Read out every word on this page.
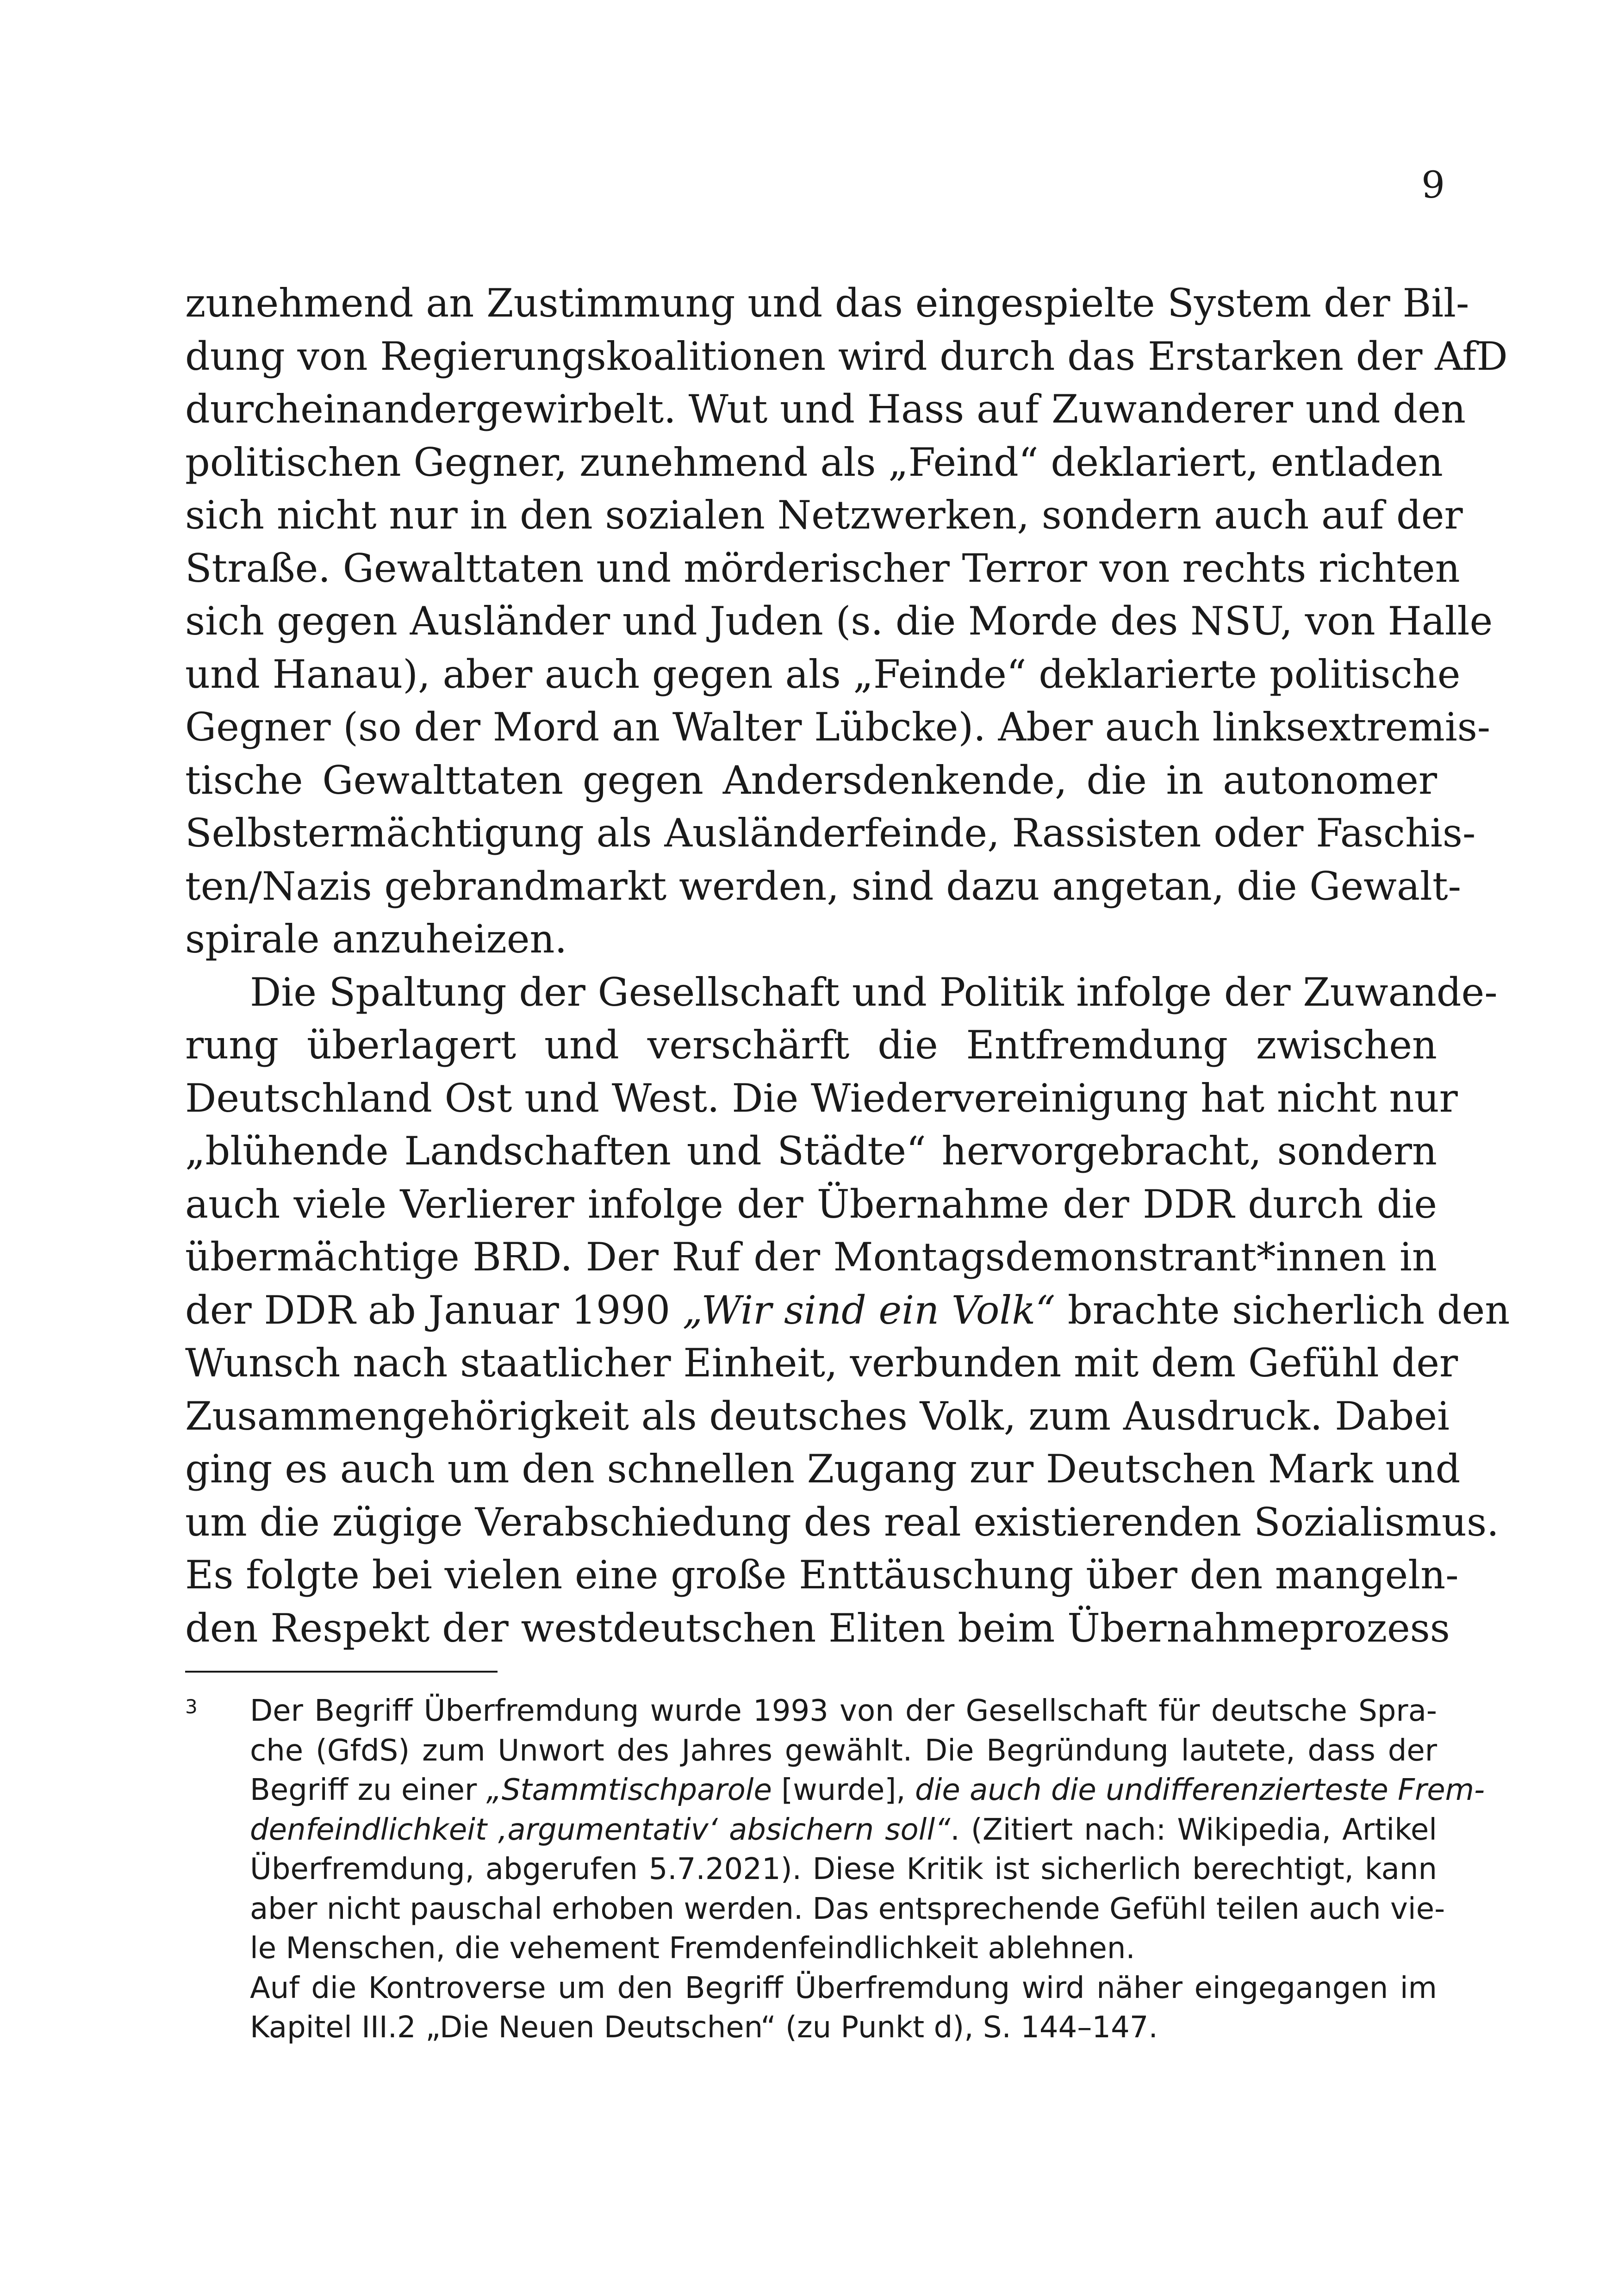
9
zunehmend an Zustimmung und das eingespielte System der Bil-
dung von Regierungskoalitionen wird durch das Erstarken der AfD
durcheinandergewirbelt. Wut und Hass auf Zuwanderer und den
politischen Gegner, zunehmend als „Feind“ deklariert, entladen
sich nicht nur in den sozialen Netzwerken, sondern auch auf der
Straße. Gewalttaten und mörderischer Terror von rechts richten
sich gegen Ausländer und Juden (s. die Morde des NSU, von Halle
und Hanau), aber auch gegen als „Feinde“ deklarierte politische
Gegner (so der Mord an Walter Lübcke). Aber auch linksextremis-
tische Gewalttaten gegen Andersdenkende, die in autonomer
Selbstermächtigung als Ausländerfeinde, Rassisten oder Faschis-
ten/Nazis gebrandmarkt werden, sind dazu angetan, die Gewalt-
spirale anzuheizen.
Die Spaltung der Gesellschaft und Politik infolge der Zuwande-
rung überlagert und verschärft die Entfremdung zwischen
Deutschland Ost und West. Die Wiedervereinigung hat nicht nur
„blühende Landschaften und Städte“ hervorgebracht, sondern
auch viele Verlierer infolge der Übernahme der DDR durch die
übermächtige BRD. Der Ruf der Montagsdemonstrant*innen in
der DDR ab Januar 1990 „Wir sind ein Volk“ brachte sicherlich den
Wunsch nach staatlicher Einheit, verbunden mit dem Gefühl der
Zusammengehörigkeit als deutsches Volk, zum Ausdruck. Dabei
ging es auch um den schnellen Zugang zur Deutschen Mark und
um die zügige Verabschiedung des real existierenden Sozialismus.
Es folgte bei vielen eine große Enttäuschung über den mangeln-
den Respekt der westdeutschen Eliten beim Übernahmeprozess
3 Der Begriff Überfremdung wurde 1993 von der Gesellschaft für deutsche Spra-
che (GfdS) zum Unwort des Jahres gewählt. Die Begründung lautete, dass der
Begriff zu einer „Stammtischparole [wurde], die auch die undifferenzierteste Frem-
denfeindlichkeit ‚argumentativ‘ absichern soll“. (Zitiert nach: Wikipedia, Artikel
Überfremdung, abgerufen 5.7.2021). Diese Kritik ist sicherlich berechtigt, kann
aber nicht pauschal erhoben werden. Das entsprechende Gefühl teilen auch vie-
le Menschen, die vehement Fremdenfeindlichkeit ablehnen.
Auf die Kontroverse um den Begriff Überfremdung wird näher eingegangen im
Kapitel III.2 „Die Neuen Deutschen“ (zu Punkt d), S. 144–147.
